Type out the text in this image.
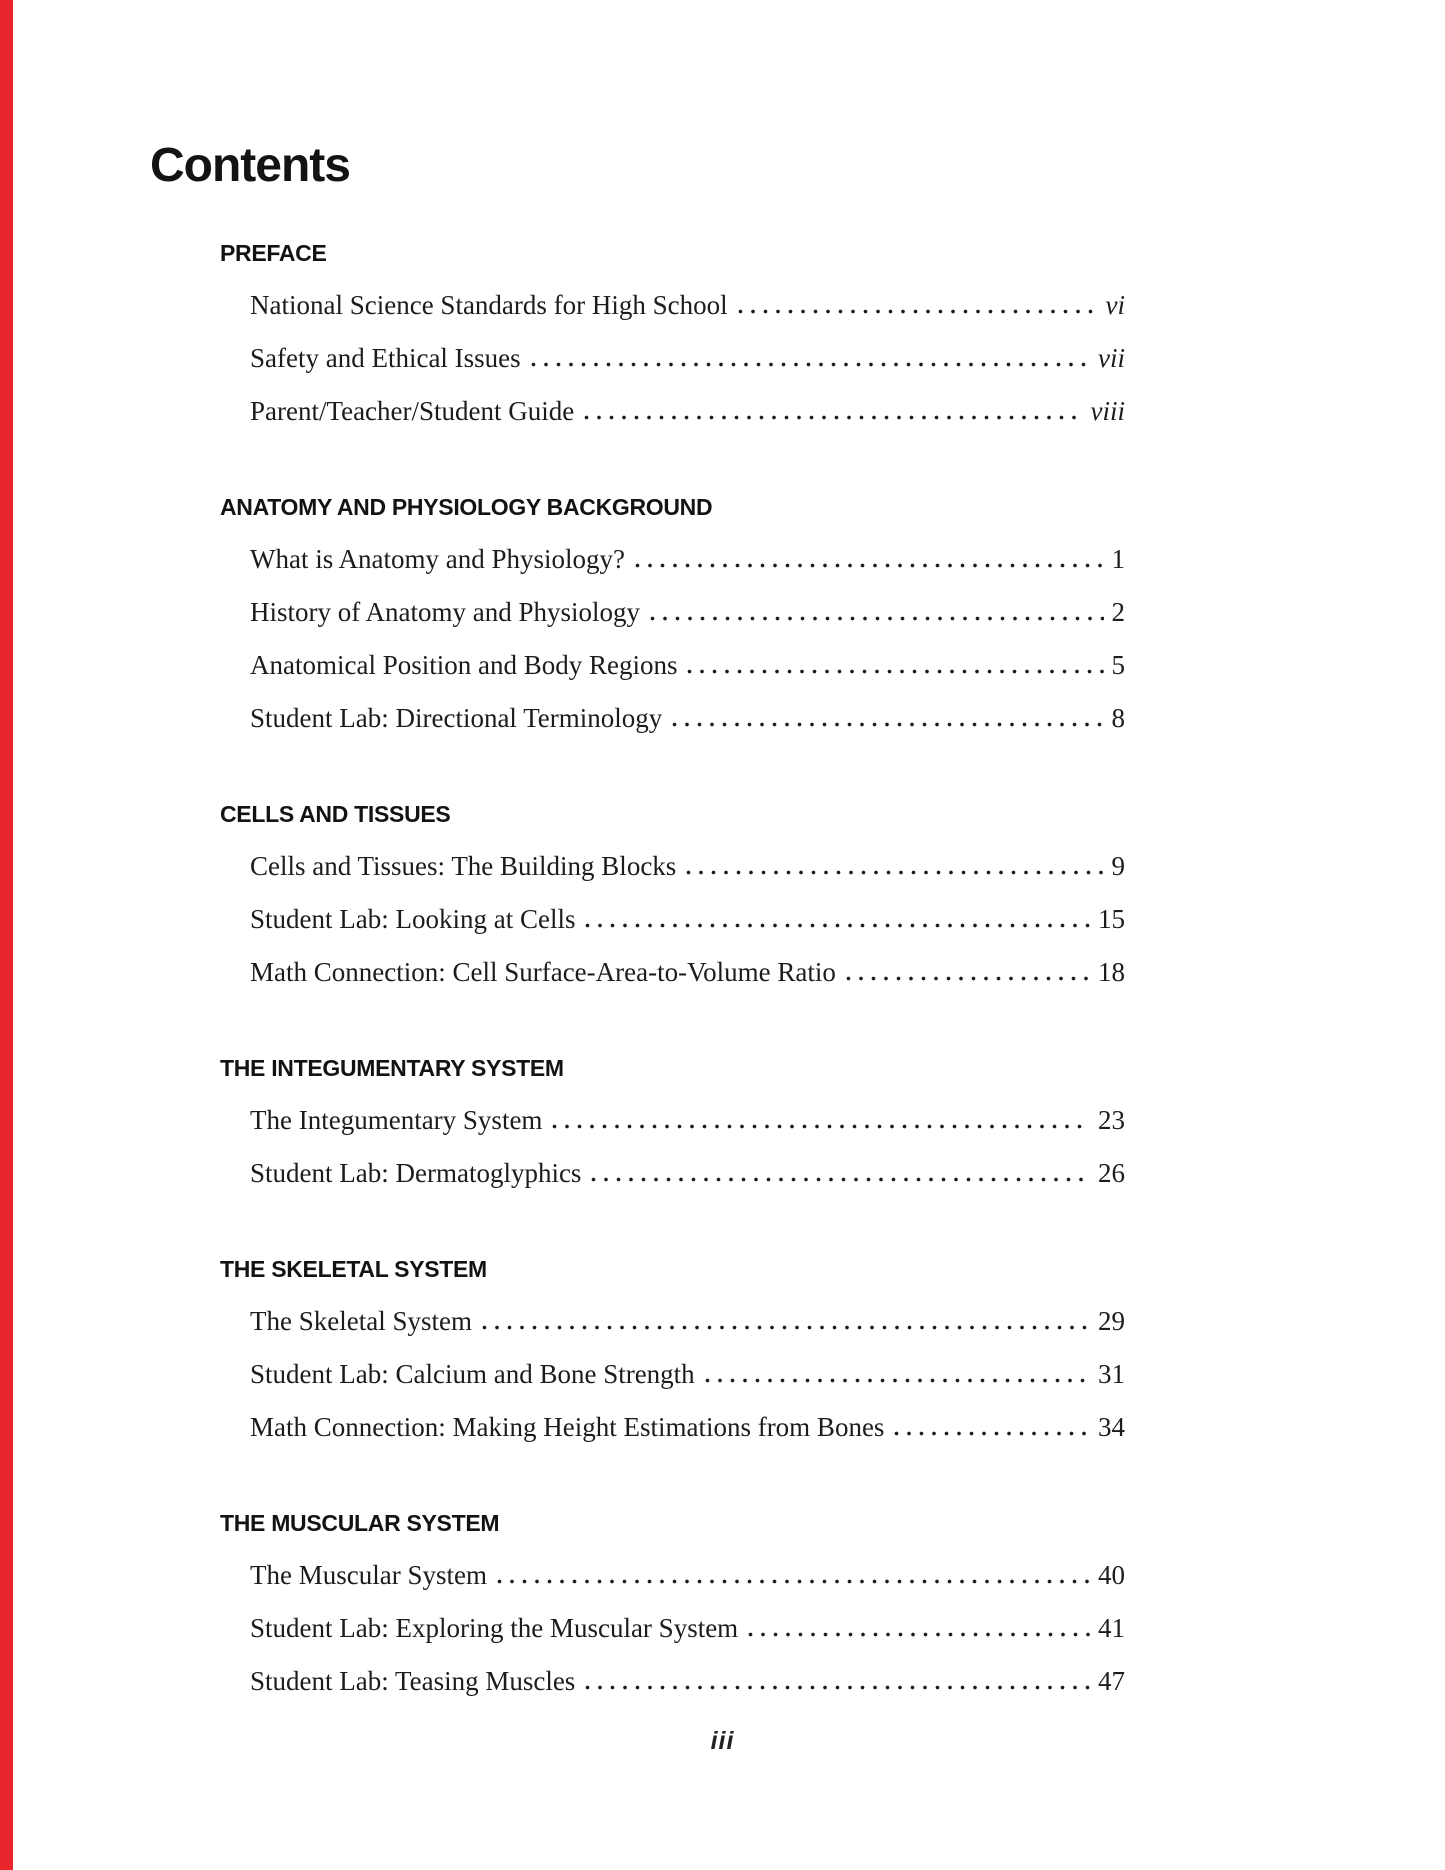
Contents
PREFACE
National Science Standards for High School	vi
Safety and Ethical Issues	vii
Parent/Teacher/Student Guide	viii
ANATOMY AND PHYSIOLOGY BACKGROUND
What is Anatomy and Physiology?	1
History of Anatomy and Physiology	2
Anatomical Position and Body Regions	5
Student Lab: Directional Terminology	8
CELLS AND TISSUES
Cells and Tissues: The Building Blocks	9
Student Lab: Looking at Cells	15
Math Connection: Cell Surface-Area-to-Volume Ratio	18
THE INTEGUMENTARY SYSTEM
The Integumentary System	23
Student Lab: Dermatoglyphics	26
THE SKELETAL SYSTEM
The Skeletal System	29
Student Lab: Calcium and Bone Strength	31
Math Connection: Making Height Estimations from Bones	34
THE MUSCULAR SYSTEM
The Muscular System	40
Student Lab: Exploring the Muscular System	41
Student Lab: Teasing Muscles	47
iii
